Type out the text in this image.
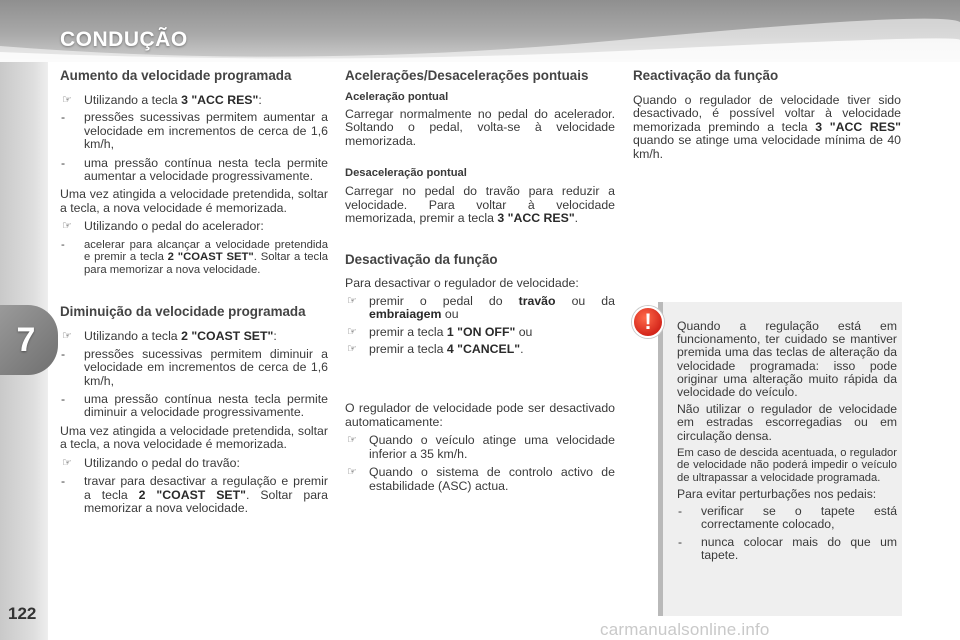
CONDUÇÃO
7
122
Aumento da velocidade programada
☞ Utilizando a tecla 3 "ACC RES":
- pressões sucessivas permitem aumentar a velocidade em incrementos de cerca de 1,6 km/h,
- uma pressão contínua nesta tecla permite aumentar a velocidade progressivamente.

Uma vez atingida a velocidade pretendida, soltar a tecla, a nova velocidade é memorizada.

☞ Utilizando o pedal do acelerador:
- acelerar para alcançar a velocidade pretendida e premir a tecla 2 "COAST SET". Soltar a tecla para memorizar a nova velocidade.
Diminuição da velocidade programada
☞ Utilizando a tecla 2 "COAST SET":
- pressões sucessivas permitem diminuir a velocidade em incrementos de cerca de 1,6 km/h,
- uma pressão contínua nesta tecla permite diminuir a velocidade progressivamente.

Uma vez atingida a velocidade pretendida, soltar a tecla, a nova velocidade é memorizada.

☞ Utilizando o pedal do travão:
- travar para desactivar a regulação e premir a tecla 2 "COAST SET". Soltar para memorizar a nova velocidade.
Acelerações/Desacelerações pontuais
Aceleração pontual

Carregar normalmente no pedal do acelerador. Soltando o pedal, volta-se à velocidade memorizada.

Desaceleração pontual

Carregar no pedal do travão para reduzir a velocidade. Para voltar à velocidade memorizada, premir a tecla 3 "ACC RES".

Desactivação da função

Para desactivar o regulador de velocidade:

☞ premir o pedal do travão ou da embraiagem ou
☞ premir a tecla 1 "ON OFF" ou
☞ premir a tecla 4 "CANCEL".

O regulador de velocidade pode ser desactivado automaticamente:

☞ Quando o veículo atinge uma velocidade inferior a 35 km/h.
☞ Quando o sistema de controlo activo de estabilidade (ASC) actua.
Reactivação da função

Quando o regulador de velocidade tiver sido desactivado, é possível voltar à velocidade memorizada premindo a tecla 3 "ACC RES" quando se atinge uma velocidade mínima de 40 km/h.

Quando a regulação está em funcionamento, ter cuidado se mantiver premida uma das teclas de alteração da velocidade programada: isso pode originar uma alteração muito rápida da velocidade do veículo.

Não utilizar o regulador de velocidade em estradas escorregadias ou em circulação densa.

Em caso de descida acentuada, o regulador de velocidade não poderá impedir o veículo de ultrapassar a velocidade programada.

Para evitar perturbações nos pedais:

- verificar se o tapete está correctamente colocado,
- nunca colocar mais do que um tapete.
!
carmanualsonline.info
